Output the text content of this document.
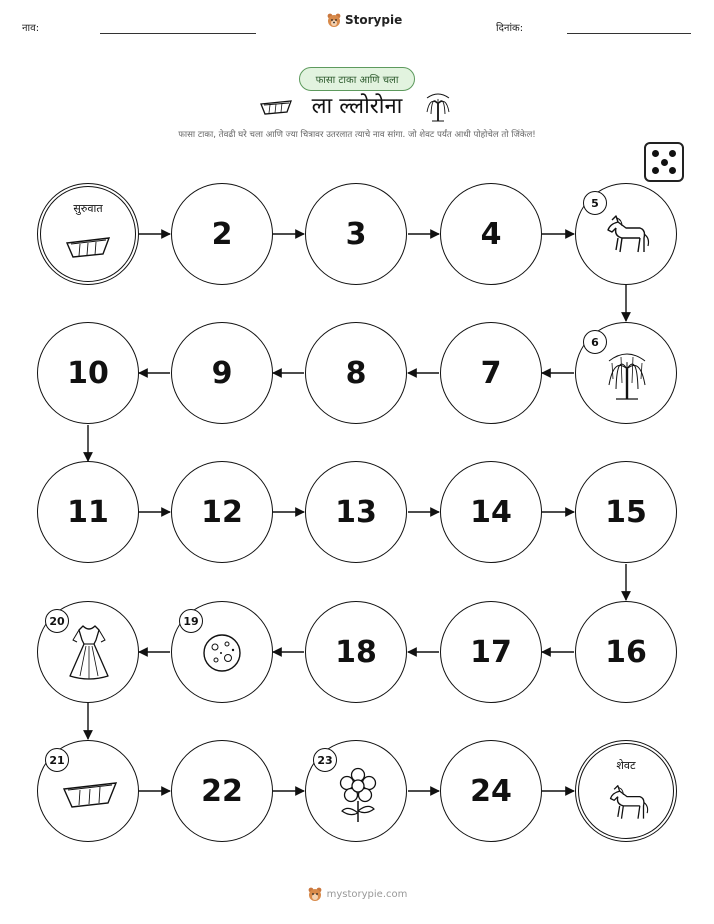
नाव:
Storypie
दिनांक:
फासा टाका आणि चला
ला ल्लोरोना
फासा टाका, तेवढी घरे चला आणि ज्या चित्रावर उतरलात त्याचे नाव सांगा. जो शेवट पर्यंत आधी पोहोचेल तो जिंकेल!
सुरुवात
2	3	4
5
10	9	8	7
6
11	12	13	14	15
20	19
18	17	16
21
22
23
24
शेवट
mystorypie.com
